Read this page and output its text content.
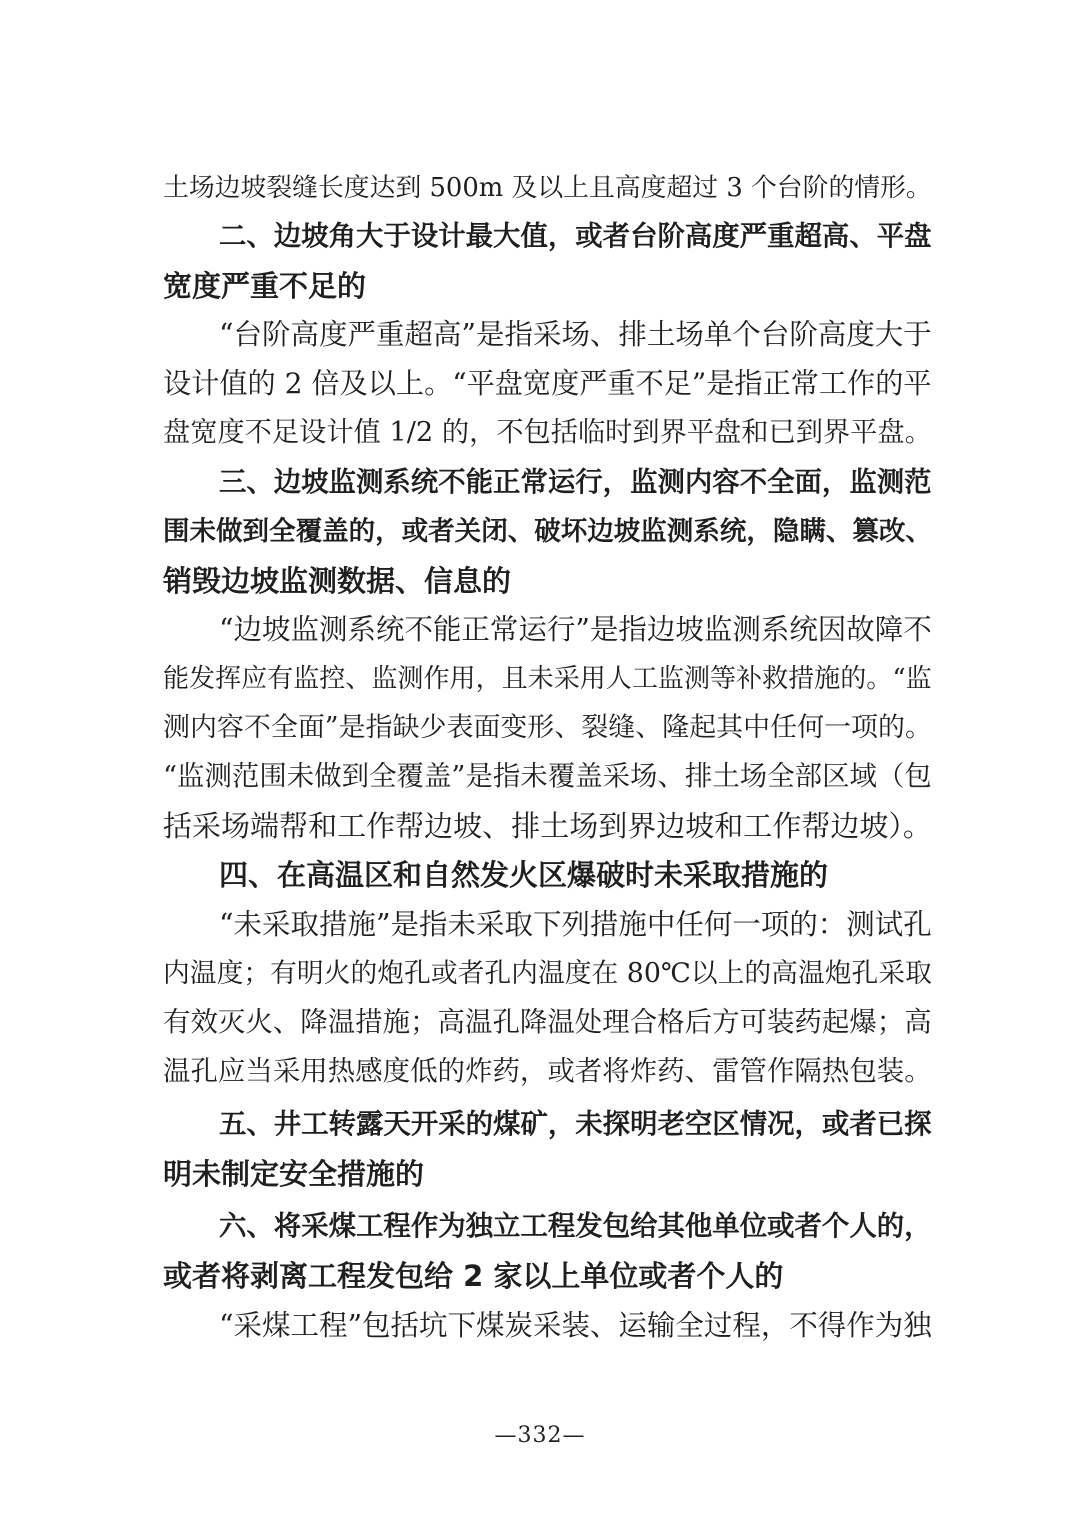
土场边坡裂缝长度达到 500m 及以上且高度超过 3 个台阶的情形。
二、边坡角大于设计最大值，或者台阶高度严重超高、平盘
宽度严重不足的
“台阶高度严重超高”是指采场、排土场单个台阶高度大于
设计值的 2 倍及以上。“平盘宽度严重不足”是指正常工作的平
盘宽度不足设计值 1/2 的，不包括临时到界平盘和已到界平盘。
三、边坡监测系统不能正常运行，监测内容不全面，监测范
围未做到全覆盖的，或者关闭、破坏边坡监测系统，隐瞒、篡改、
销毁边坡监测数据、信息的
“边坡监测系统不能正常运行”是指边坡监测系统因故障不
能发挥应有监控、监测作用，且未采用人工监测等补救措施的。“监
测内容不全面”是指缺少表面变形、裂缝、隆起其中任何一项的。
“监测范围未做到全覆盖”是指未覆盖采场、排土场全部区域（包
括采场端帮和工作帮边坡、排土场到界边坡和工作帮边坡）。
四、在高温区和自然发火区爆破时未采取措施的
“未采取措施”是指未采取下列措施中任何一项的：测试孔
内温度；有明火的炮孔或者孔内温度在 80℃以上的高温炮孔采取
有效灭火、降温措施；高温孔降温处理合格后方可装药起爆；高
温孔应当采用热感度低的炸药，或者将炸药、雷管作隔热包装。
五、井工转露天开采的煤矿，未探明老空区情况，或者已探
明未制定安全措施的
六、将采煤工程作为独立工程发包给其他单位或者个人的，
或者将剥离工程发包给 2 家以上单位或者个人的
“采煤工程”包括坑下煤炭采装、运输全过程，不得作为独
—332—
